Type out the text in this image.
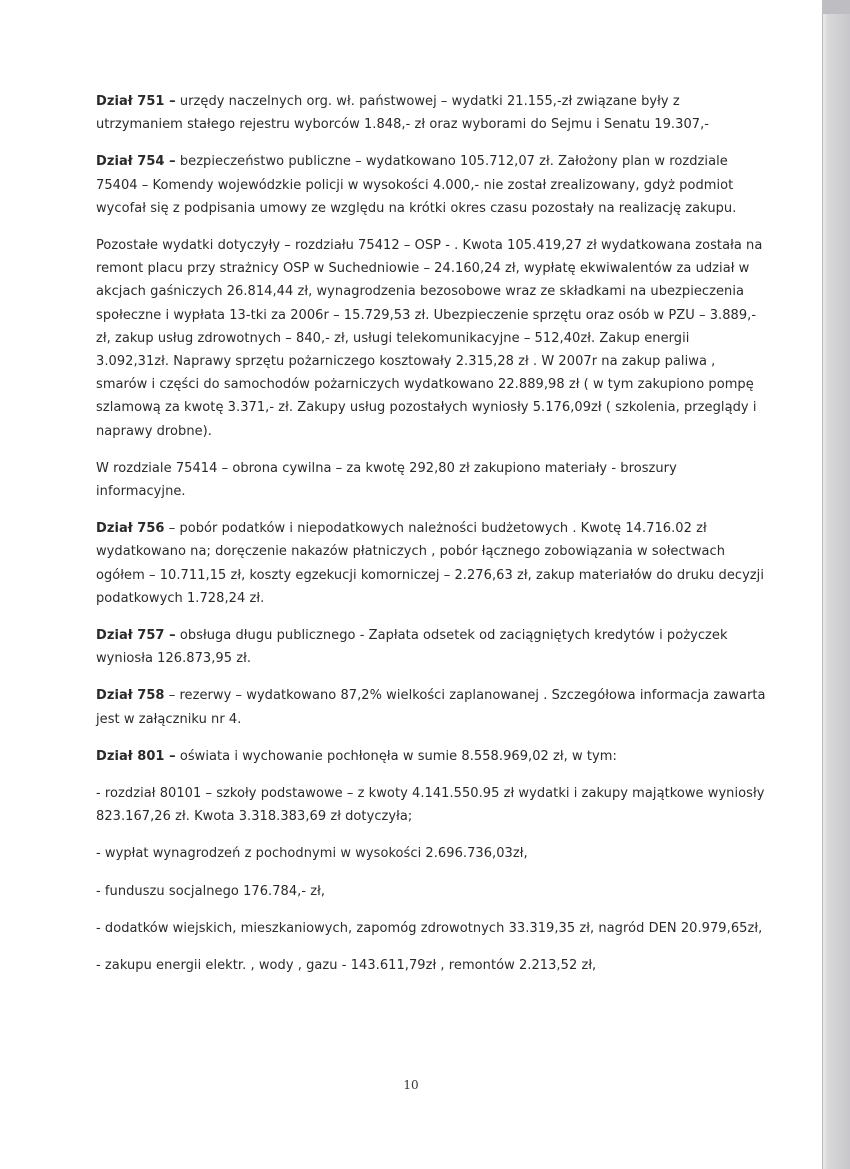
Dział 751 – urzędy naczelnych org. wł. państwowej – wydatki 21.155,-zł związane były z utrzymaniem stałego rejestru wyborców 1.848,- zł oraz wyborami do Sejmu i Senatu 19.307,-

Dział 754 – bezpieczeństwo publiczne – wydatkowano 105.712,07 zł. Założony plan w rozdziale 75404 – Komendy wojewódzkie policji w wysokości 4.000,- nie został zrealizowany, gdyż podmiot wycofał się z podpisania umowy ze względu na krótki okres czasu pozostały na realizację zakupu.

Pozostałe wydatki dotyczyły – rozdziału 75412 – OSP - . Kwota 105.419,27 zł wydatkowana została na remont placu przy strażnicy OSP w Suchedniowie – 24.160,24 zł, wypłatę ekwiwalentów za udział w akcjach gaśniczych 26.814,44 zł, wynagrodzenia bezosobowe wraz ze składkami na ubezpieczenia społeczne i wypłata 13-tki za 2006r – 15.729,53 zł. Ubezpieczenie sprzętu oraz osób w PZU – 3.889,- zł, zakup usług zdrowotnych – 840,- zł, usługi telekomunikacyjne – 512,40zł. Zakup energii 3.092,31zł. Naprawy sprzętu pożarniczego kosztowały 2.315,28 zł . W 2007r na zakup paliwa , smarów i części do samochodów pożarniczych wydatkowano 22.889,98 zł ( w tym zakupiono pompę szlamową za kwotę 3.371,- zł. Zakupy usług pozostałych wyniosły 5.176,09zł ( szkolenia, przeglądy i naprawy drobne).

W rozdziale 75414 – obrona cywilna – za kwotę 292,80 zł zakupiono materiały - broszury informacyjne.

Dział 756 – pobór podatków i niepodatkowych należności budżetowych . Kwotę 14.716.02 zł wydatkowano na; doręczenie nakazów płatniczych , pobór łącznego zobowiązania w sołectwach ogółem – 10.711,15 zł, koszty egzekucji komorniczej – 2.276,63 zł, zakup materiałów do druku decyzji podatkowych 1.728,24 zł.

Dział 757 – obsługa długu publicznego - Zapłata odsetek od zaciągniętych kredytów i pożyczek wyniosła 126.873,95 zł.

Dział 758 – rezerwy – wydatkowano 87,2% wielkości zaplanowanej . Szczegółowa informacja zawarta jest w załączniku nr 4.

Dział 801 – oświata i wychowanie pochłonęła w sumie 8.558.969,02 zł, w tym:

- rozdział 80101 – szkoły podstawowe – z kwoty 4.141.550.95 zł wydatki i zakupy majątkowe wyniosły 823.167,26 zł. Kwota 3.318.383,69 zł dotyczyła;

- wypłat wynagrodzeń z pochodnymi w wysokości 2.696.736,03zł,

- funduszu socjalnego 176.784,- zł,

- dodatków wiejskich, mieszkaniowych, zapomóg zdrowotnych 33.319,35 zł, nagród DEN 20.979,65zł,

- zakupu energii elektr. , wody , gazu - 143.611,79zł , remontów 2.213,52 zł,

10
